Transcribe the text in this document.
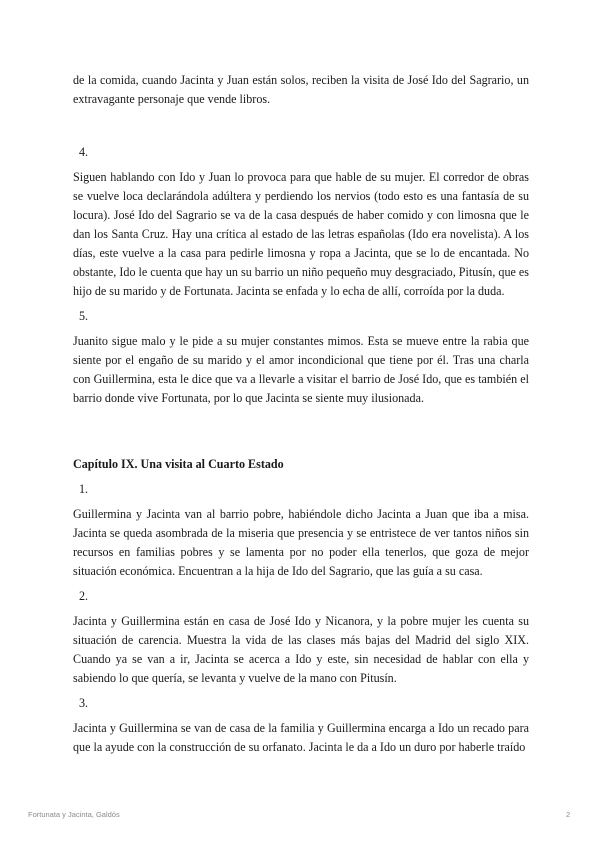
de la comida, cuando Jacinta y Juan están solos, reciben la visita de José Ido del Sagrario, un extravagante personaje que vende libros.

4.

Siguen hablando con Ido y Juan lo provoca para que hable de su mujer. El corredor de obras se vuelve loca declarándola adúltera y perdiendo los nervios (todo esto es una fantasía de su locura). José Ido del Sagrario se va de la casa después de haber comido y con limosna que le dan los Santa Cruz. Hay una crítica al estado de las letras españolas (Ido era novelista). A los días, este vuelve a la casa para pedirle limosna y ropa a Jacinta, que se lo de encantada. No obstante, Ido le cuenta que hay un su barrio un niño pequeño muy desgraciado, Pitusín, que es hijo de su marido y de Fortunata. Jacinta se enfada y lo echa de allí, corroída por la duda.

5.

Juanito sigue malo y le pide a su mujer constantes mimos. Esta se mueve entre la rabia que siente por el engaño de su marido y el amor incondicional que tiene por él. Tras una charla con Guillermina, esta le dice que va a llevarle a visitar el barrio de José Ido, que es también el barrio donde vive Fortunata, por lo que Jacinta se siente muy ilusionada.

Capítulo IX. Una visita al Cuarto Estado
1.

Guillermina y Jacinta van al barrio pobre, habiéndole dicho Jacinta a Juan que iba a misa. Jacinta se queda asombrada de la miseria que presencia y se entristece de ver tantos niños sin recursos en familias pobres y se lamenta por no poder ella tenerlos, que goza de mejor situación económica. Encuentran a la hija de Ido del Sagrario, que las guía a su casa.

2.

Jacinta y Guillermina están en casa de José Ido y Nicanora, y la pobre mujer les cuenta su situación de carencia. Muestra la vida de las clases más bajas del Madrid del siglo XIX. Cuando ya se van a ir, Jacinta se acerca a Ido y este, sin necesidad de hablar con ella y sabiendo lo que quería, se levanta y vuelve de la mano con Pitusín.

3.

Jacinta y Guillermina se van de casa de la familia y Guillermina encarga a Ido un recado para que la ayude con la construcción de su orfanato. Jacinta le da a Ido un duro por haberle traído

Fortunata y Jacinta, Galdós	2
